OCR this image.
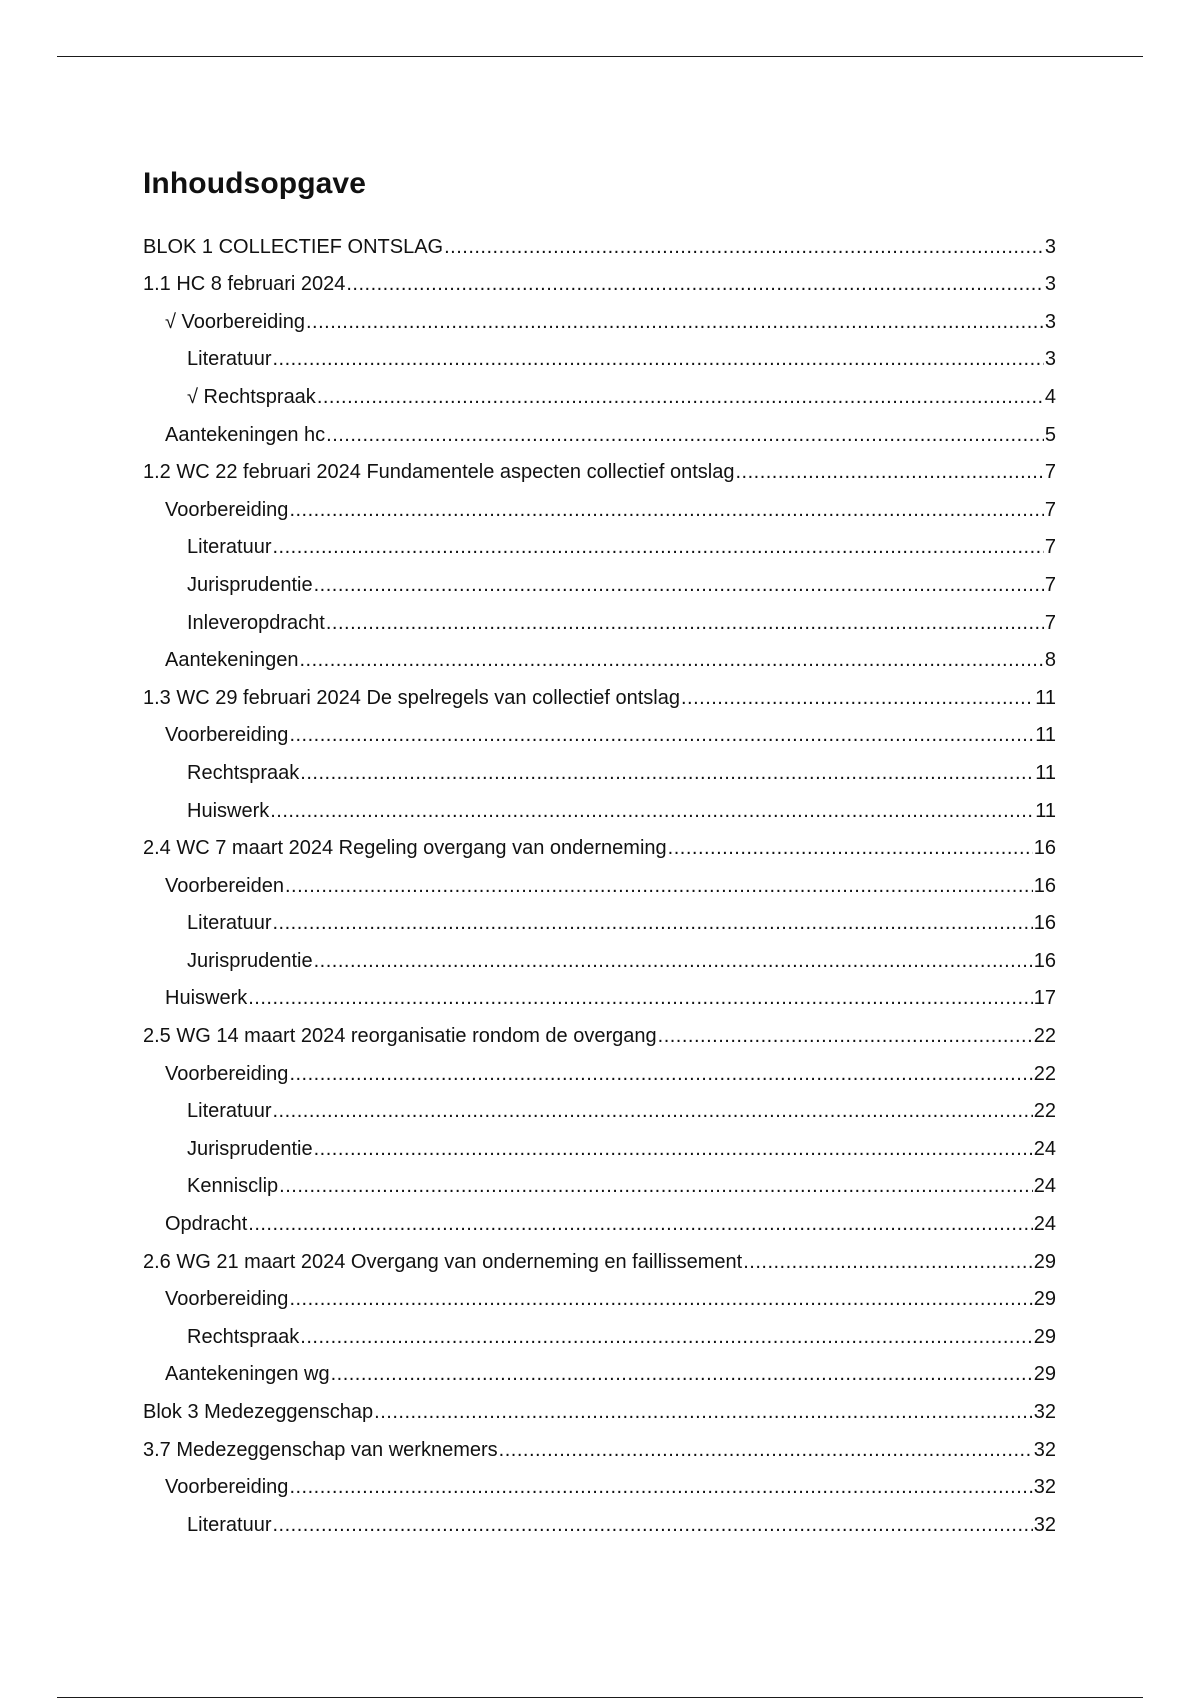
Inhoudsopgave
BLOK 1 COLLECTIEF ONTSLAG .....	3
1.1 HC 8 februari 2024 .....	3
√ Voorbereiding .....	3
Literatuur .....	3
√ Rechtspraak .....	4
Aantekeningen hc .....	5
1.2 WC 22 februari 2024 Fundamentele aspecten collectief ontslag .....	7
Voorbereiding .....	7
Literatuur .....	7
Jurisprudentie .....	7
Inleveropdracht .....	7
Aantekeningen .....	8
1.3 WC 29 februari 2024 De spelregels van collectief ontslag .....	11
Voorbereiding .....	11
Rechtspraak .....	11
Huiswerk .....	11
2.4 WC 7 maart 2024 Regeling overgang van onderneming .....	16
Voorbereiden .....	16
Literatuur .....	16
Jurisprudentie .....	16
Huiswerk .....	17
2.5 WG 14 maart 2024 reorganisatie rondom de overgang .....	22
Voorbereiding .....	22
Literatuur .....	22
Jurisprudentie .....	24
Kennisclip .....	24
Opdracht .....	24
2.6 WG 21 maart 2024 Overgang van onderneming en faillissement .....	29
Voorbereiding .....	29
Rechtspraak .....	29
Aantekeningen wg .....	29
Blok 3 Medezeggenschap .....	32
3.7 Medezeggenschap van werknemers .....	32
Voorbereiding .....	32
Literatuur .....	32
